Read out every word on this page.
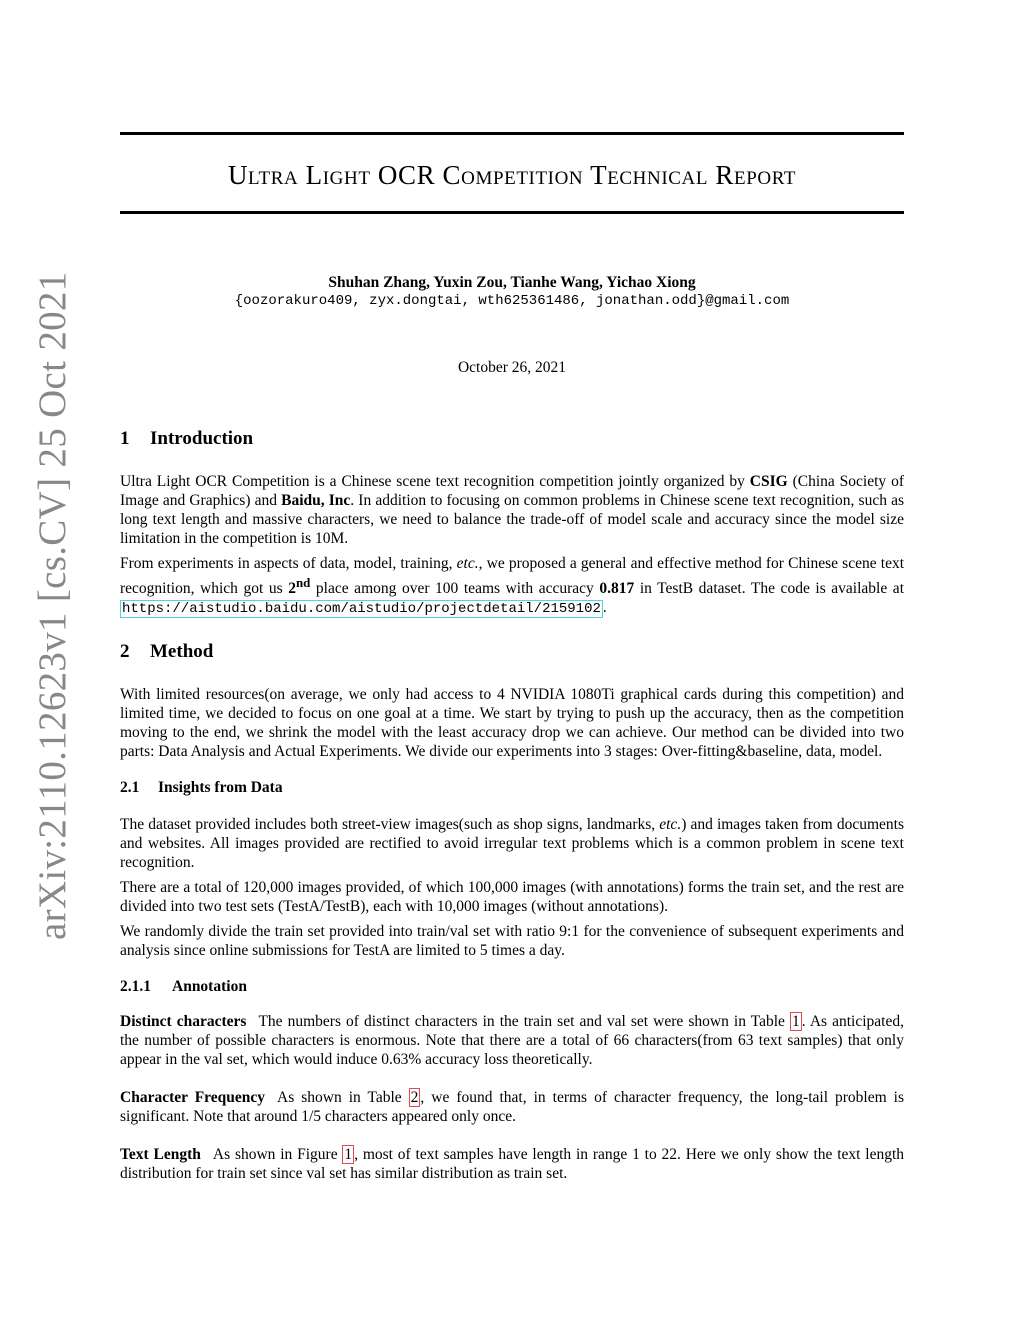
Ultra Light OCR Competition Technical Report
Shuhan Zhang, Yuxin Zou, Tianhe Wang, Yichao Xiong
{oozorakuro409, zyx.dongtai, wth625361486, jonathan.odd}@gmail.com
October 26, 2021
arXiv:2110.12623v1 [cs.CV] 25 Oct 2021 1 Introduction

Ultra Light OCR Competition is a Chinese scene text recognition competition jointly organized by CSIG (China Society of Image and Graphics) and Baidu, Inc. In addition to focusing on common problems in Chinese scene text recognition, such as long text length and massive characters, we need to balance the trade-off of model scale and accuracy since the model size limitation in the competition is 10M.

From experiments in aspects of data, model, training, etc., we proposed a general and effective method for Chinese scene text recognition, which got us 2nd place among over 100 teams with accuracy 0.817 in TestB dataset. The code is available at https://aistudio.baidu.com/aistudio/projectdetail/2159102 .

2 Method

With limited resources(on average, we only had access to 4 NVIDIA 1080Ti graphical cards during this competition) and limited time, we decided to focus on one goal at a time. We start by trying to push up the accuracy, then as the competition moving to the end, we shrink the model with the least accuracy drop we can achieve. Our method can be divided into two parts: Data Analysis and Actual Experiments. We divide our experiments into 3 stages: Over-fitting&baseline, data, model.

2.1 Insights from Data

The dataset provided includes both street-view images(such as shop signs, landmarks, etc.) and images taken from documents and websites. All images provided are rectified to avoid irregular text problems which is a common problem in scene text recognition.

There are a total of 120,000 images provided, of which 100,000 images (with annotations) forms the train set, and the rest are divided into two test sets (TestA/TestB), each with 10,000 images (without annotations).

We randomly divide the train set provided into train/val set with ratio 9:1 for the convenience of subsequent experiments and analysis since online submissions for TestA are limited to 5 times a day.

2.1.1 Annotation

Distinct characters The numbers of distinct characters in the train set and val set were shown in Table 1 . As anticipated, the number of possible characters is enormous. Note that there are a total of 66 characters(from 63 text samples) that only appear in the val set, which would induce 0.63% accuracy loss theoretically.

Character Frequency As shown in Table 2 , we found that, in terms of character frequency, the long-tail problem is significant. Note that around 1/5 characters appeared only once.

Text Length As shown in Figure 1 , most of text samples have length in range 1 to 22. Here we only show the text length distribution for train set since val set has similar distribution as train set.
